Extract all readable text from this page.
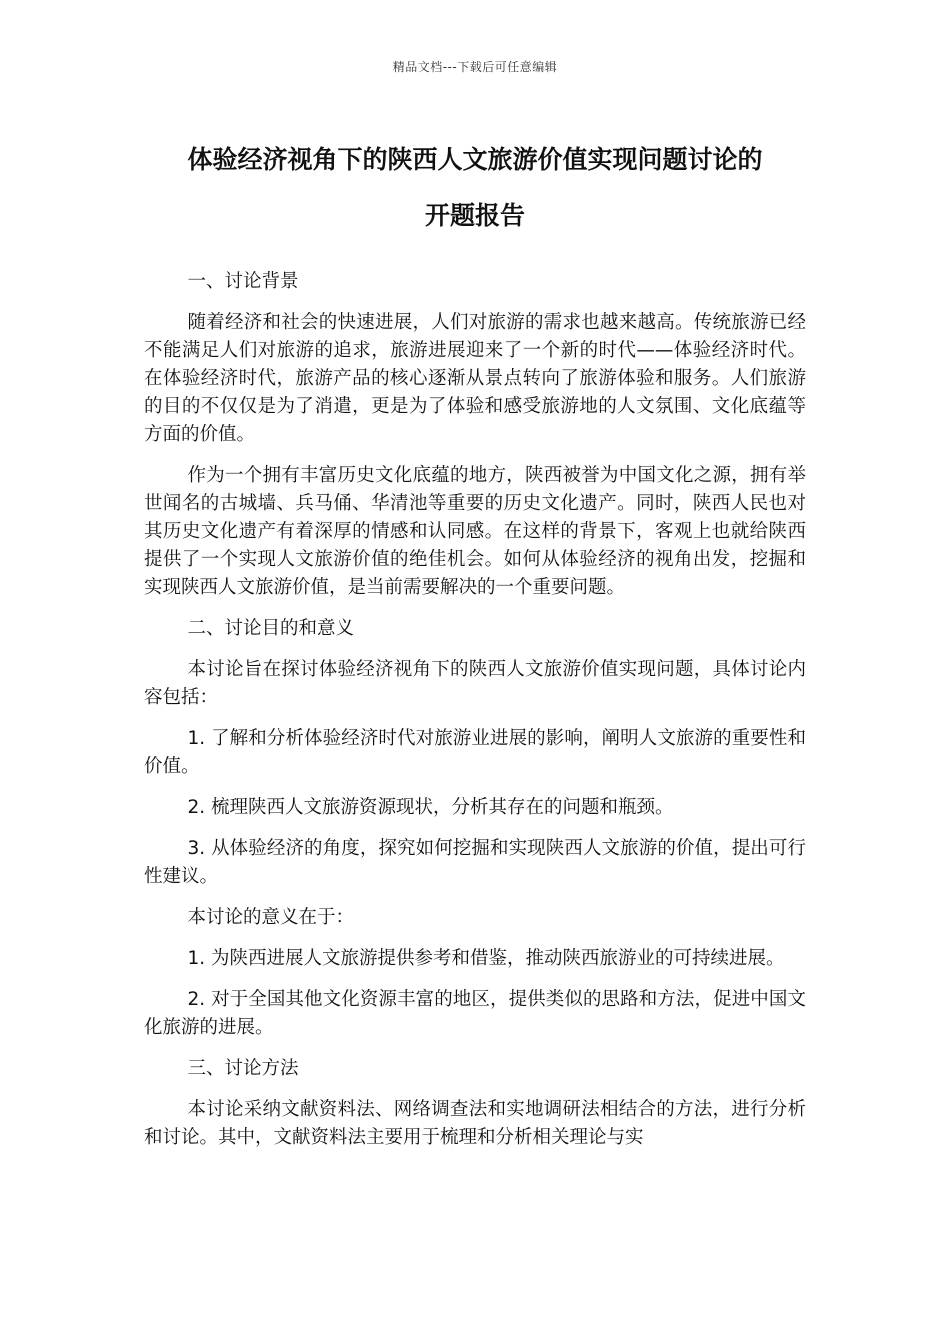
精品文档---下载后可任意编辑
体验经济视角下的陕西人文旅游价值实现问题讨论的
开题报告

一、讨论背景

随着经济和社会的快速进展，人们对旅游的需求也越来越高。传统旅游已经不能满足人们对旅游的追求，旅游进展迎来了一个新的时代——体验经济时代。在体验经济时代，旅游产品的核心逐渐从景点转向了旅游体验和服务。人们旅游的目的不仅仅是为了消遣，更是为了体验和感受旅游地的人文氛围、文化底蕴等方面的价值。

作为一个拥有丰富历史文化底蕴的地方，陕西被誉为中国文化之源，拥有举世闻名的古城墙、兵马俑、华清池等重要的历史文化遗产。同时，陕西人民也对其历史文化遗产有着深厚的情感和认同感。在这样的背景下，客观上也就给陕西提供了一个实现人文旅游价值的绝佳机会。如何从体验经济的视角出发，挖掘和实现陕西人文旅游价值，是当前需要解决的一个重要问题。

二、讨论目的和意义

本讨论旨在探讨体验经济视角下的陕西人文旅游价值实现问题，具体讨论内容包括：

1. 了解和分析体验经济时代对旅游业进展的影响，阐明人文旅游的重要性和价值。

2. 梳理陕西人文旅游资源现状，分析其存在的问题和瓶颈。

3. 从体验经济的角度，探究如何挖掘和实现陕西人文旅游的价值，提出可行性建议。

本讨论的意义在于：

1. 为陕西进展人文旅游提供参考和借鉴，推动陕西旅游业的可持续进展。

2. 对于全国其他文化资源丰富的地区，提供类似的思路和方法，促进中国文化旅游的进展。

三、讨论方法

本讨论采纳文献资料法、网络调查法和实地调研法相结合的方法，进行分析和讨论。其中，文献资料法主要用于梳理和分析相关理论与实
